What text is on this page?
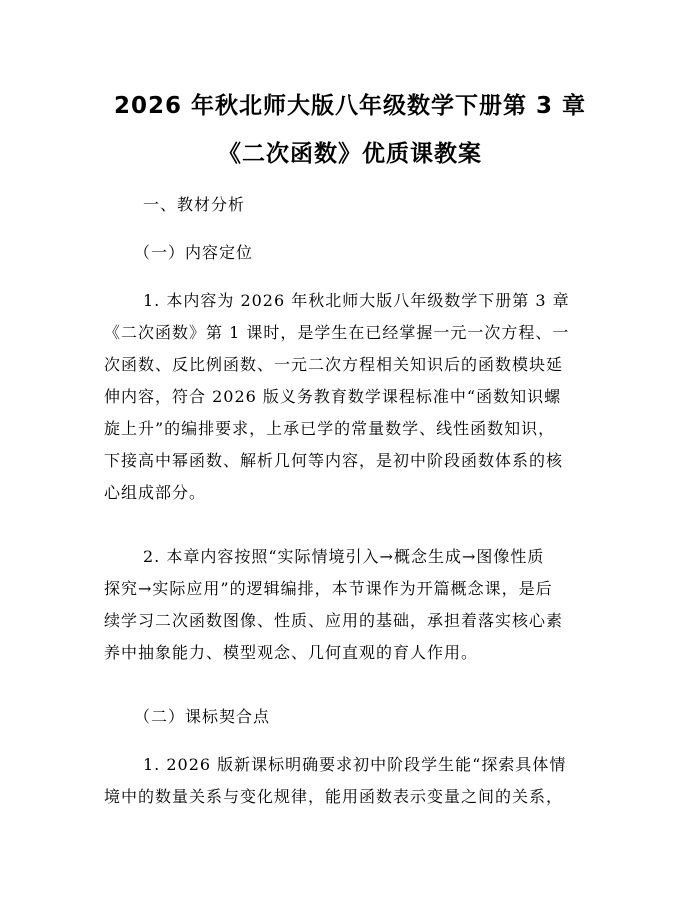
2026 年秋北师大版八年级数学下册第 3 章
《二次函数》优质课教案
一、教材分析
（一）内容定位
1. 本内容为 2026 年秋北师大版八年级数学下册第 3 章
《二次函数》第 1 课时，是学生在已经掌握一元一次方程、一
次函数、反比例函数、一元二次方程相关知识后的函数模块延
伸内容，符合 2026 版义务教育数学课程标准中“函数知识螺
旋上升”的编排要求，上承已学的常量数学、线性函数知识，
下接高中幂函数、解析几何等内容，是初中阶段函数体系的核
心组成部分。
2. 本章内容按照“实际情境引入→概念生成→图像性质
探究→实际应用”的逻辑编排，本节课作为开篇概念课，是后
续学习二次函数图像、性质、应用的基础，承担着落实核心素
养中抽象能力、模型观念、几何直观的育人作用。
（二）课标契合点
1. 2026 版新课标明确要求初中阶段学生能“探索具体情
境中的数量关系与变化规律，能用函数表示变量之间的关系，
